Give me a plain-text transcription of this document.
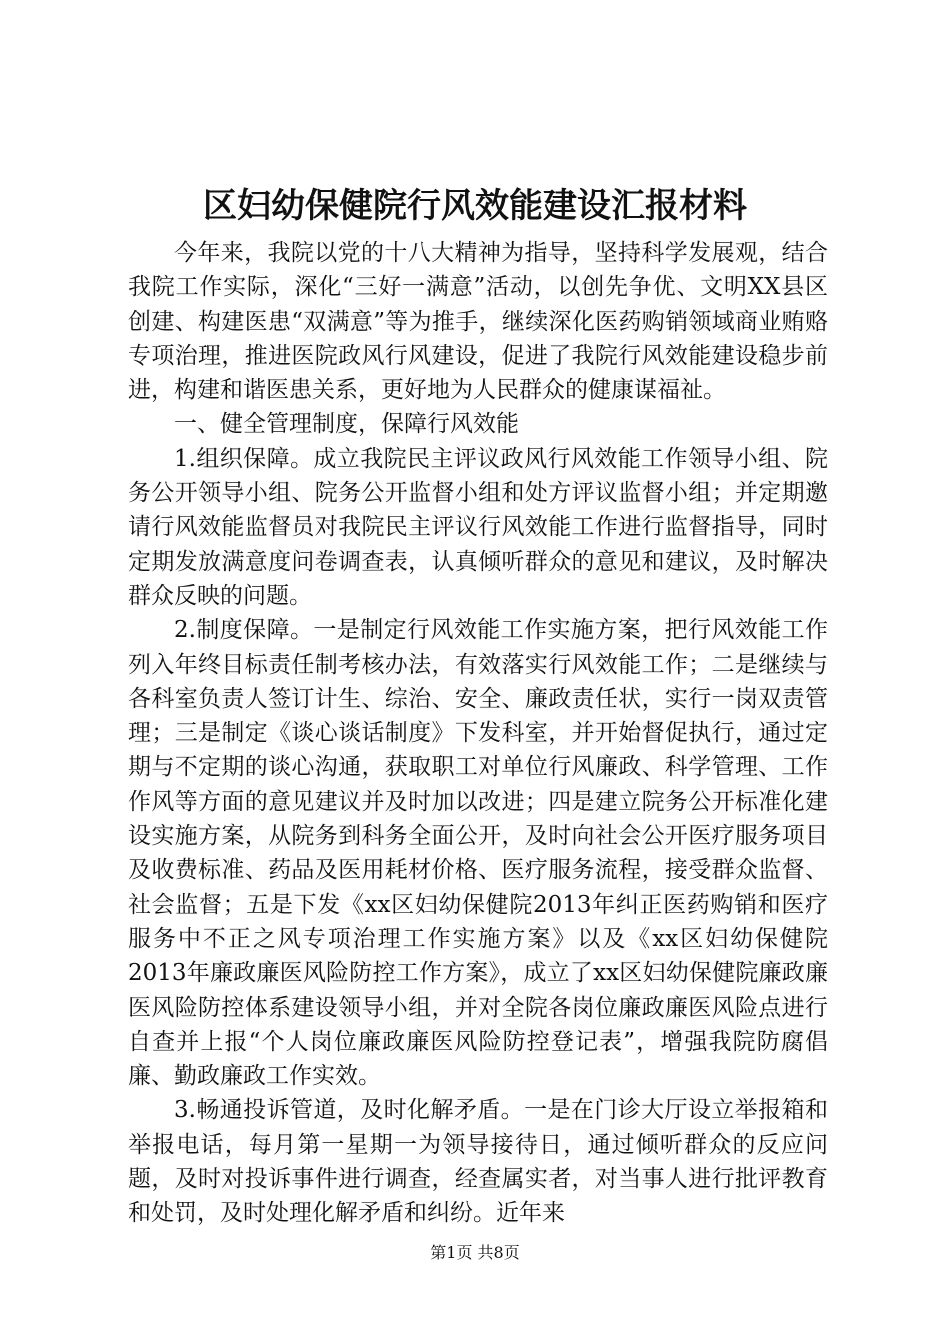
区妇幼保健院行风效能建设汇报材料

今年来，我院以党的十八大精神为指导，坚持科学发展观，结合我院工作实际，深化“三好一满意”活动，以创先争优、文明XX县区创建、构建医患“双满意”等为推手，继续深化医药购销领域商业贿赂专项治理，推进医院政风行风建设，促进了我院行风效能建设稳步前进，构建和谐医患关系，更好地为人民群众的健康谋福祉。

一、健全管理制度，保障行风效能

1.组织保障。成立我院民主评议政风行风效能工作领导小组、院务公开领导小组、院务公开监督小组和处方评议监督小组；并定期邀请行风效能监督员对我院民主评议行风效能工作进行监督指导，同时定期发放满意度问卷调查表，认真倾听群众的意见和建议，及时解决群众反映的问题。

2.制度保障。一是制定行风效能工作实施方案，把行风效能工作列入年终目标责任制考核办法，有效落实行风效能工作；二是继续与各科室负责人签订计生、综治、安全、廉政责任状，实行一岗双责管理；三是制定《谈心谈话制度》下发科室，并开始督促执行，通过定期与不定期的谈心沟通，获取职工对单位行风廉政、科学管理、工作作风等方面的意见建议并及时加以改进；四是建立院务公开标准化建设实施方案，从院务到科务全面公开，及时向社会公开医疗服务项目及收费标准、药品及医用耗材价格、医疗服务流程，接受群众监督、社会监督；五是下发《xx区妇幼保健院2013年纠正医药购销和医疗服务中不正之风专项治理工作实施方案》以及《xx区妇幼保健院2013年廉政廉医风险防控工作方案》，成立了xx区妇幼保健院廉政廉医风险防控体系建设领导小组，并对全院各岗位廉政廉医风险点进行自查并上报“个人岗位廉政廉医风险防控登记表”，增强我院防腐倡廉、勤政廉政工作实效。

3.畅通投诉管道，及时化解矛盾。一是在门诊大厅设立举报箱和举报电话，每月第一星期一为领导接待日，通过倾听群众的反应问题，及时对投诉事件进行调查，经查属实者，对当事人进行批评教育和处罚，及时处理化解矛盾和纠纷。近年来

第1页 共8页
